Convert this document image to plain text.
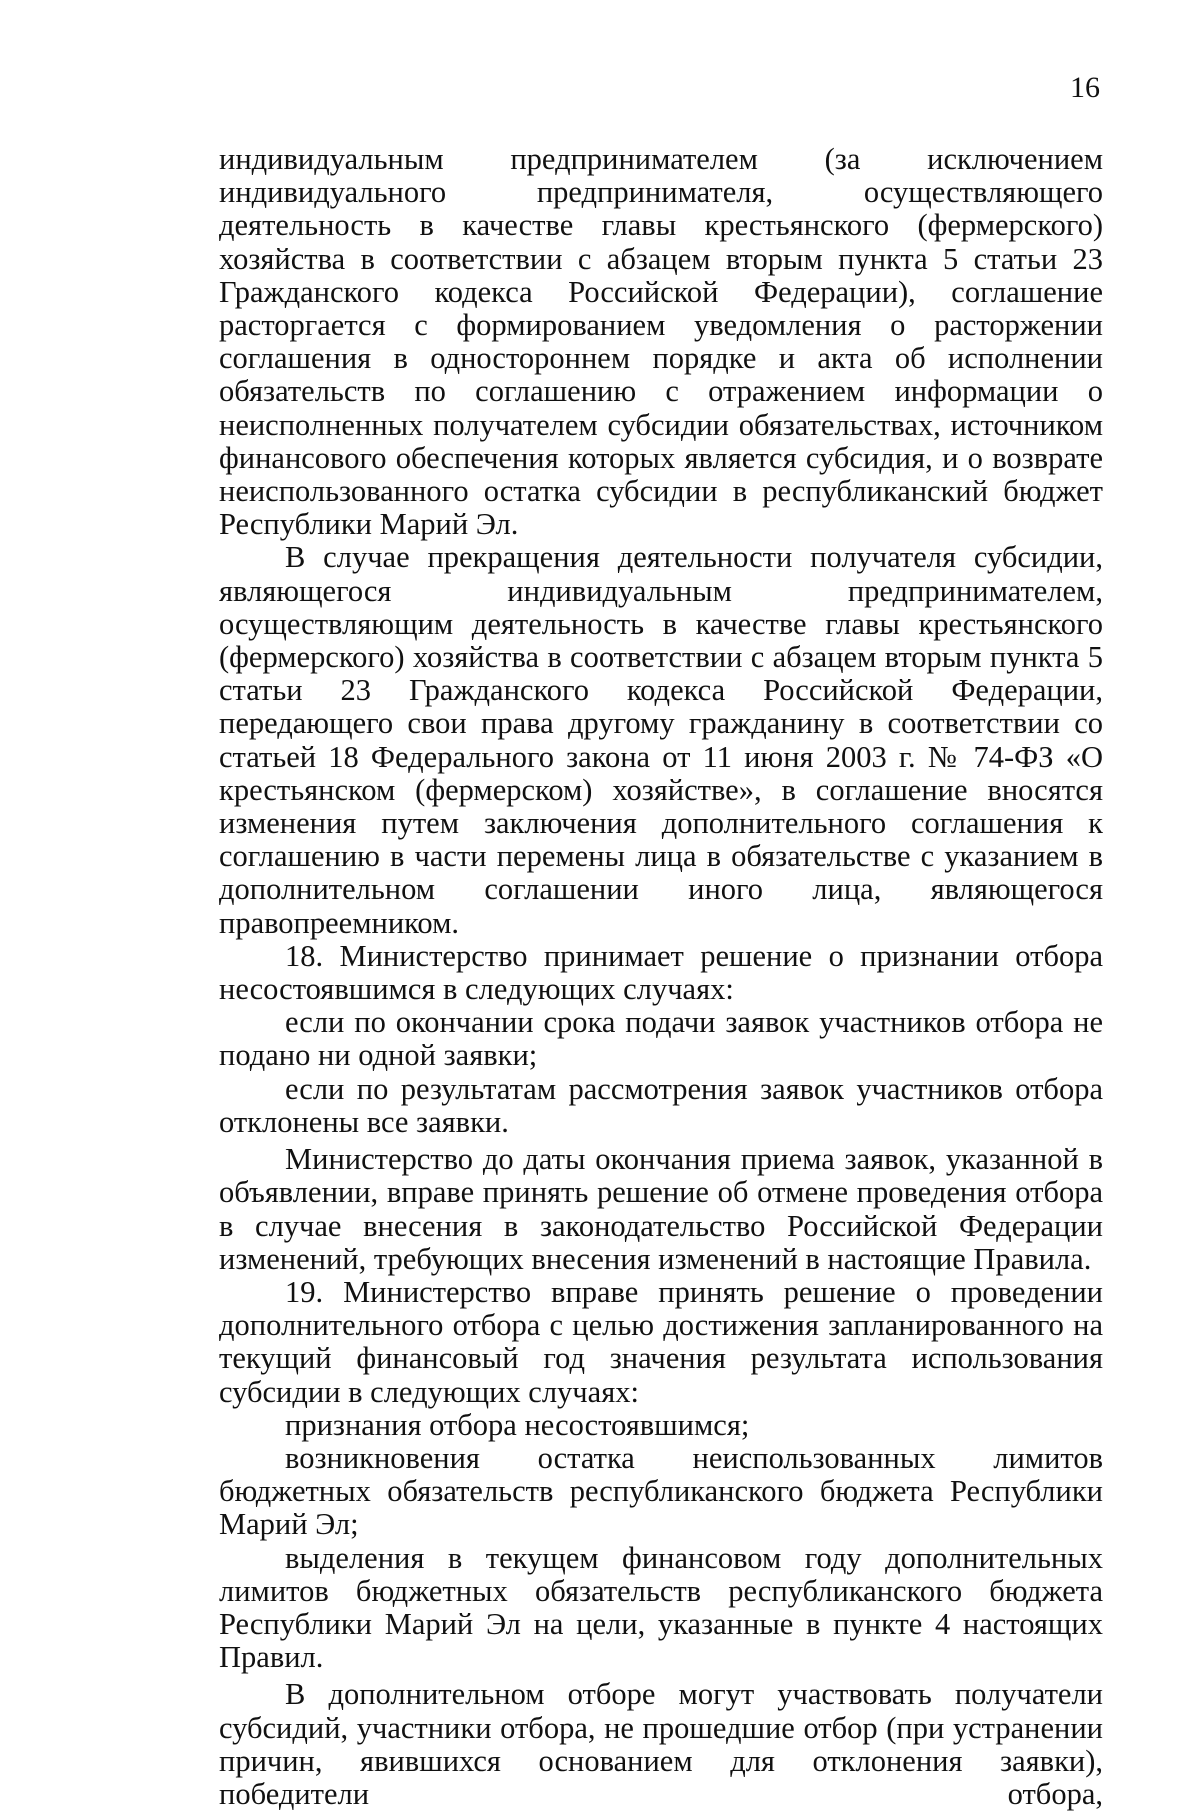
16

индивидуальным предпринимателем (за исключением индивидуального предпринимателя, осуществляющего деятельность в качестве главы крестьянского (фермерского) хозяйства в соответствии с абзацем вторым пункта 5 статьи 23 Гражданского кодекса Российской Федерации), соглашение расторгается с формированием уведомления о расторжении соглашения в одностороннем порядке и акта об исполнении обязательств по соглашению с отражением информации о неисполненных получателем субсидии обязательствах, источником финансового обеспечения которых является субсидия, и о возврате неиспользованного остатка субсидии в республиканский бюджет Республики Марий Эл.

В случае прекращения деятельности получателя субсидии, являющегося индивидуальным предпринимателем, осуществляющим деятельность в качестве главы крестьянского (фермерского) хозяйства в соответствии с абзацем вторым пункта 5 статьи 23 Гражданского кодекса Российской Федерации, передающего свои права другому гражданину в соответствии со статьей 18 Федерального закона от 11 июня 2003 г. № 74-ФЗ «О крестьянском (фермерском) хозяйстве», в соглашение вносятся изменения путем заключения дополнительного соглашения к соглашению в части перемены лица в обязательстве с указанием в дополнительном соглашении иного лица, являющегося правопреемником.

18. Министерство принимает решение о признании отбора несостоявшимся в следующих случаях:

если по окончании срока подачи заявок участников отбора не подано ни одной заявки;

если по результатам рассмотрения заявок участников отбора отклонены все заявки.

Министерство до даты окончания приема заявок, указанной в объявлении, вправе принять решение об отмене проведения отбора в случае внесения в законодательство Российской Федерации изменений, требующих внесения изменений в настоящие Правила.

19. Министерство вправе принять решение о проведении дополнительного отбора с целью достижения запланированного на текущий финансовый год значения результата использования субсидии в следующих случаях:

признания отбора несостоявшимся;

возникновения остатка неиспользованных лимитов бюджетных обязательств республиканского бюджета Республики Марий Эл;

выделения в текущем финансовом году дополнительных лимитов бюджетных обязательств республиканского бюджета Республики Марий Эл на цели, указанные в пункте 4 настоящих Правил.

В дополнительном отборе могут участвовать получатели субсидий, участники отбора, не прошедшие отбор (при устранении причин, явившихся основанием для отклонения заявки), победители отбора,
